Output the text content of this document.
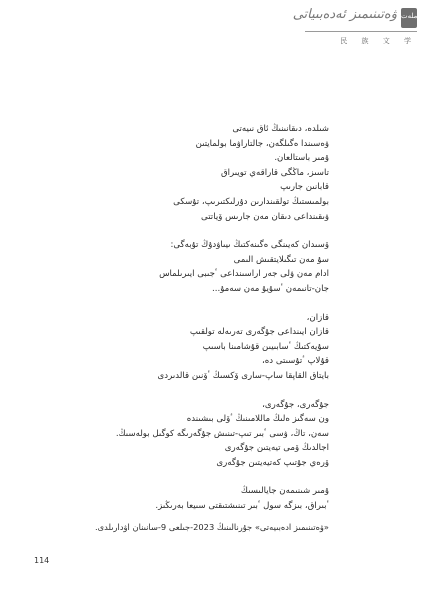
ملەت
ۋەتىنىمىز ئەدەبىياتى
民 族 文 学
شىلدە، دىقانىنىڭ ئاق نىيەتى
ۋەسىندا ەگىلگەن، جالتاراۋما بولمايتىن
ۇمىر باستالعان.
تاسىز، ماڭگى قاراقەي تويىراق
قابانىن جارىپ
بولمىستىڭ تولقىندارىن دۇرلىكتىرىپ، تۇسكى
ۋىقىنداعى دىقان مەن جارىس ۆياتتى
ۆسىدان كەيىنگى ەگىنەكتىڭ ىيىاۋدۇڭ تۇبەگى:
سۇ مەن تىگىلايتقىش الىمى
ادام مەن ۋلى جەر اراسىنداعى ٴجىبى ايىرىلماس
جان-تانىمەن ٴسۇيۇ مەن سەمۇ...
قازان،
قازان ايىنداعى جۇگەرى تەرىەلە تولقىپ
سۇيەكتىڭ ٴسابىيىن قۇشامىنا باسىپ
قۇلاپ ٴتۇسىتى دە،
بايتاق القاپقا ساپ-سارى ۆكسىڭ ٴۆنىن قالدىردى
جۇگەرى، جۇگەرى،
ون سەگىز ەلىڭ ماللامىنىڭ ٴۆلى بىشىندە
سەن، تاڭ، ۋسى ٴبىر تىپ-تىنىش جۇگەرىگە كوگىل بولەسىڭ.
اجالدىڭ ۆمى تيەيتىن جۇگەرى
ۆرەي جۇتىپ كەتيەيتىن جۇگەرى
ۇمىر شىنىمەن جايالىسىڭ
ٴبىراق، بىزگە سول ٴبىر تىنىشتىقتى سىيعا بەرىڭىز.
«ۋەتىنىمىز ادەبىيەتى» جۇرنالىنىڭ 2023-جىلعى 9-سانىنان اۋدارىلدى.
114
